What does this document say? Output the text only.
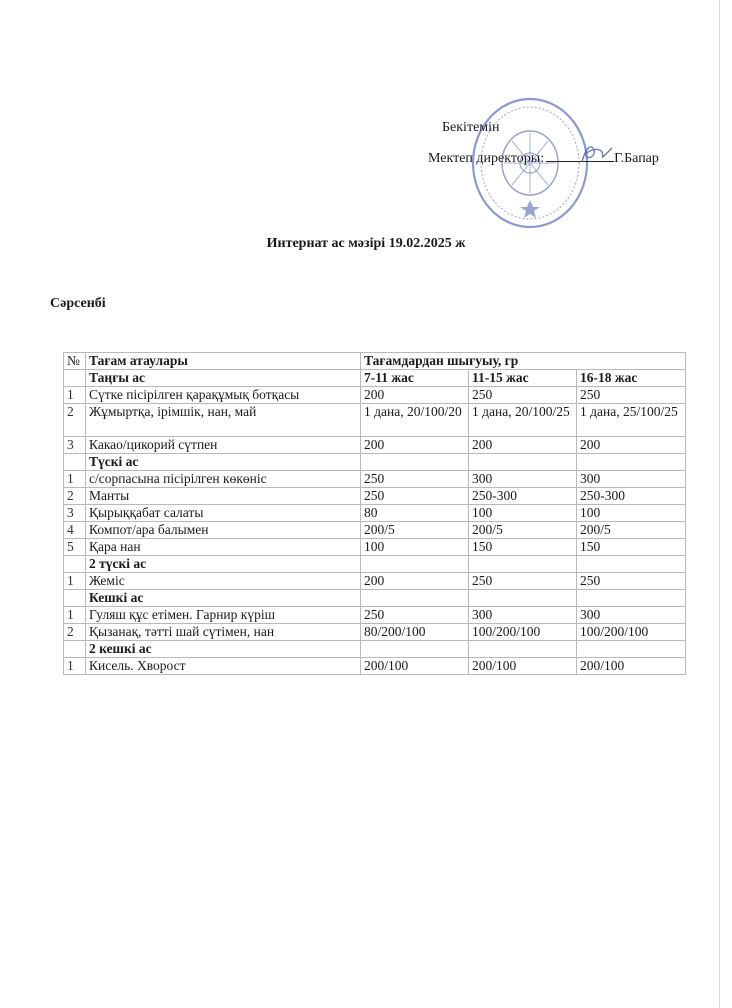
Бекітемін
Мектеп директоры:	Г.Бапар
Интернат ас мәзірі 19.02.2025 ж
Сәрсенбі
№	Тағам атаулары	Тағамдардан шығуыу, гр		
	Таңғы ас	7-11 жас	11-15 жас	16-18 жас
1	Сүтке пісірілген қарақұмық ботқасы	200	250	250
2	Жұмыртқа, ірімшік, нан, май	1 дана, 20/100/20	1 дана, 20/100/25	1 дана, 25/100/25
3	Какао/цикорий сүтпен	200	200	200
	Түскі ас			
1	с/сорпасына пісірілген көкөніс	250	300	300
2	Манты	250	250-300	250-300
3	Қырыққабат салаты	80	100	100
4	Компот/ара балымен	200/5	200/5	200/5
5	Қара нан	100	150	150
	2 түскі ас			
1	Жеміс	200	250	250
	Кешкі ас			
1	Гуляш құс етімен. Гарнир күріш	250	300	300
2	Қызанақ, тәтті шай сүтімен, нан	80/200/100	100/200/100	100/200/100
	2 кешкі ас			
1	Кисель. Хворост	200/100	200/100	200/100
